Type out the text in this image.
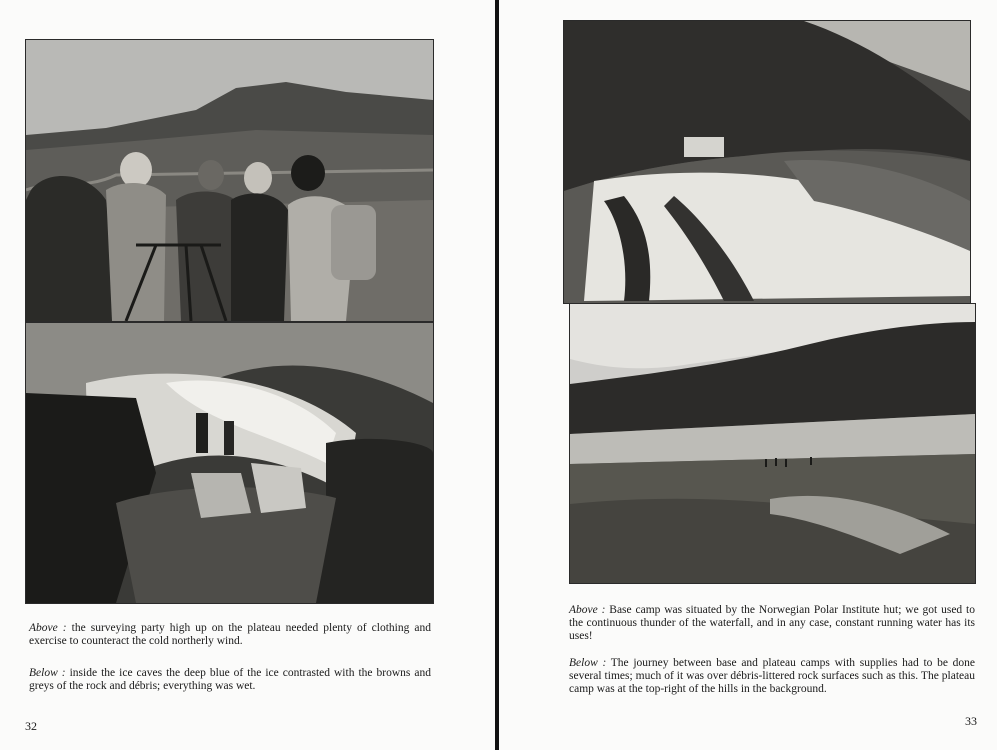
Above : the surveying party high up on the plateau needed plenty of clothing and exercise to counteract the cold northerly wind.
Below : inside the ice caves the deep blue of the ice contrasted with the browns and greys of the rock and débris; everything was wet.
32
Above : Base camp was situated by the Norwegian Polar Institute hut; we got used to the continuous thunder of the waterfall, and in any case, constant running water has its uses!
Below : The journey between base and plateau camps with supplies had to be done several times; much of it was over débris-littered rock surfaces such as this. The plateau camp was at the top-right of the hills in the background.
33
